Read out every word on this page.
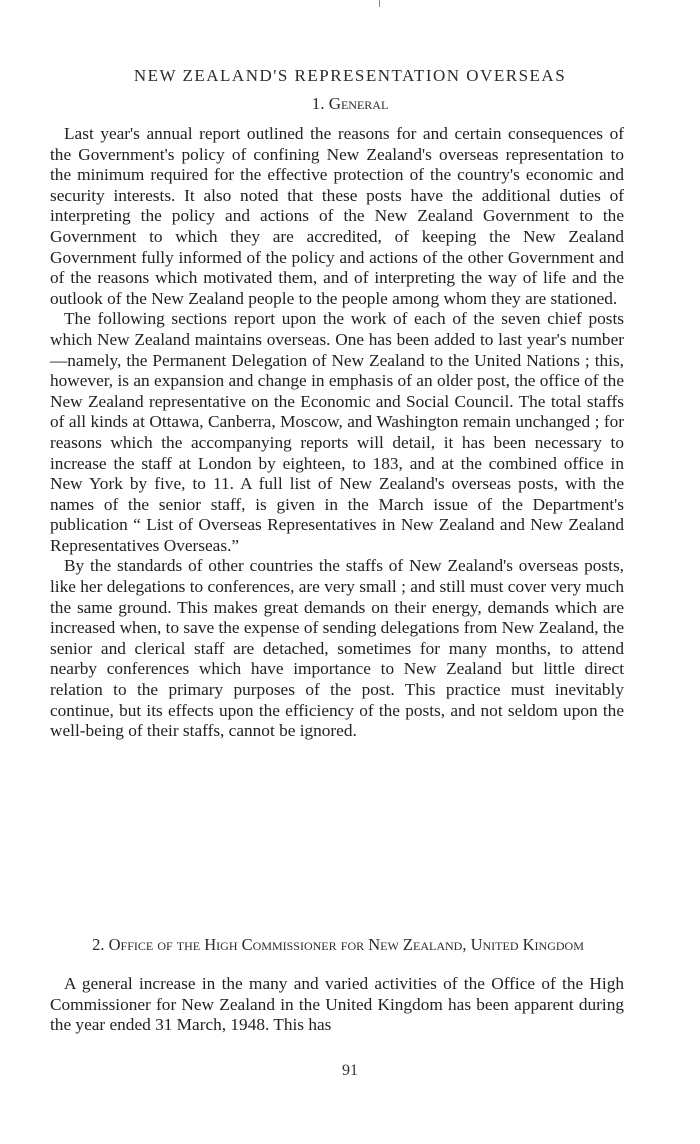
NEW ZEALAND'S REPRESENTATION OVERSEAS
1. General

Last year's annual report outlined the reasons for and certain consequences of the Government's policy of confining New Zealand's overseas representation to the minimum required for the effective protection of the country's economic and security interests. It also noted that these posts have the additional duties of interpreting the policy and actions of the New Zealand Government to the Government to which they are accredited, of keeping the New Zealand Government fully informed of the policy and actions of the other Government and of the reasons which motivated them, and of interpreting the way of life and the outlook of the New Zealand people to the people among whom they are stationed.

The following sections report upon the work of each of the seven chief posts which New Zealand maintains overseas. One has been added to last year's number—namely, the Permanent Delegation of New Zealand to the United Nations ; this, however, is an expansion and change in emphasis of an older post, the office of the New Zealand representative on the Economic and Social Council. The total staffs of all kinds at Ottawa, Canberra, Moscow, and Washington remain unchanged ; for reasons which the accompanying reports will detail, it has been necessary to increase the staff at London by eighteen, to 183, and at the combined office in New York by five, to 11. A full list of New Zealand's overseas posts, with the names of the senior staff, is given in the March issue of the Department's publication “ List of Overseas Representatives in New Zealand and New Zealand Representatives Overseas.”

By the standards of other countries the staffs of New Zealand's overseas posts, like her delegations to conferences, are very small ; and still must cover very much the same ground. This makes great demands on their energy, demands which are increased when, to save the expense of sending delegations from New Zealand, the senior and clerical staff are detached, sometimes for many months, to attend nearby conferences which have importance to New Zealand but little direct relation to the primary purposes of the post. This practice must inevitably continue, but its effects upon the efficiency of the posts, and not seldom upon the well-being of their staffs, cannot be ignored.

2. Office of the High Commissioner for New Zealand, United Kingdom

A general increase in the many and varied activities of the Office of the High Commissioner for New Zealand in the United Kingdom has been apparent during the year ended 31 March, 1948. This has

91
